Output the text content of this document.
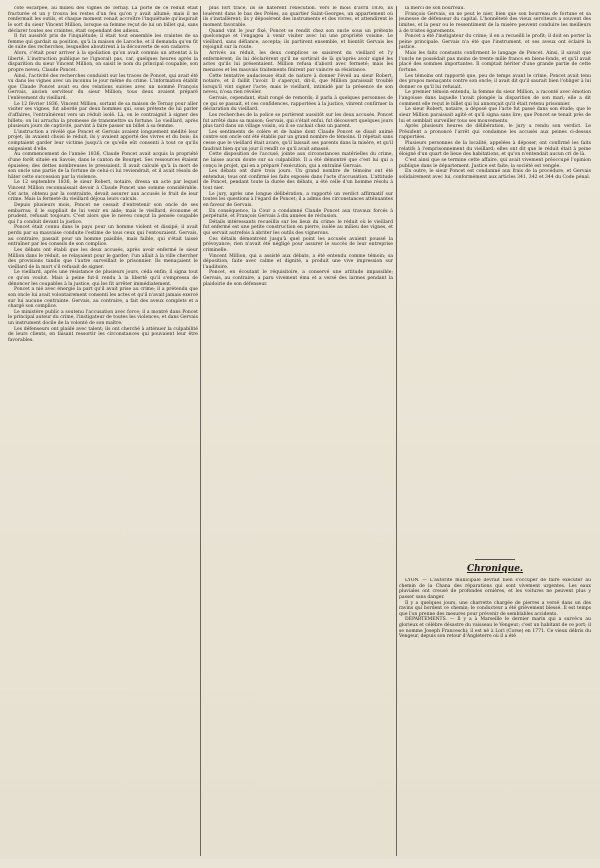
côte escarpée, au milieu des vignes de Ternay. La porte de ce réduit était fracturée et un y trouva les restes d'un feu qu'on y avait allumé; mais il ne renfermait les outils, et chaque moment venait accroître l'inquiétude qu'inspirait le sort du sieur Vincent Million, lorsque sa femme reçut de lui un billet qui, sans déclarer toutes ses craintes, était cependant des adieux.

Il fut aussitôt pris de l'inquiétude; il était tout ensemble les craintes de sa femme qui gardait sa position, qu'à la maison de Laroche, et il demanda qu'on fit de suite des recherches, lesquelles aboutirent à la découverte de son cadavre.

Alors, c'était pour arriver à la spoliation qu'on avait commis un attentat à la liberté. L'instruction publique ne l'ignorait pas, car, quelques heures après la disparition du sieur Vincent Million, on saisit le nom du principal coupable, son propre neveu, Claude Poncet.

Ainsi, l'activité des recherches conduisit sur les traces de Poncet, qui avait été vu dans les vignes avec un inconnu le jour même du crime. L'information établit que Claude Poncet avait eu des relations suivies avec un nommé François Gervais, ancien serviteur du sieur Million; tous deux avaient préparé l'enlèvement du vieillard.

Le 12 février 1836, Vincent Million, sortant de sa maison de Ternay pour aller visiter ses vignes, fut abordé par deux hommes qui, sous prétexte de lui parler d'affaires, l'entraînèrent vers un réduit isolé. Là, on le contraignit à signer des billets; on lui arracha la promesse de transmettre sa fortune. Le vieillard, après plusieurs jours de captivité, parvint à faire passer un billet à sa femme.

L'instruction a révélé que Poncet et Gervais avaient longuement médité leur projet; ils avaient choisi le réduit, ils y avaient apporté des vivres et du bois; ils comptaient garder leur victime jusqu'à ce qu'elle eût consenti à tout ce qu'ils exigeaient d'elle.

Au commencement de l'année 1836, Claude Poncet avait acquis la propriété d'une forêt située en Savoie, dans le canton de Bourget. Ses ressources étaient épuisées; des dettes nombreuses le pressaient. Il avait calculé qu'à la mort de son oncle une partie de la fortune de celui-ci lui reviendrait, et il avait résolu de hâter cette succession par la violence.

Le 12 septembre 1836, le sieur Robert, notaire, dressa un acte par lequel Vincent Million reconnaissait devoir à Claude Poncet une somme considérable. Cet acte, obtenu par la contrainte, devait assurer aux accusés le fruit de leur crime. Mais la fermeté du vieillard déjoua leurs calculs.

Depuis plusieurs mois, Poncet ne cessait d'entretenir son oncle de ses embarras; il le suppliait de lui venir en aide; mais le vieillard, économe et prudent, refusait toujours. C'est alors que le neveu conçut la pensée coupable qui l'a conduit devant la justice.

Poncet était connu dans le pays pour un homme violent et dissipé; il avait perdu par sa mauvaise conduite l'estime de tous ceux qui l'entouraient. Gervais, au contraire, passait pour un homme paisible, mais faible, qui s'était laissé entraîner par les conseils de son complice.

Les débats ont établi que les deux accusés, après avoir enfermé le sieur Million dans le réduit, se relayaient pour le garder; l'un allait à la ville chercher des provisions tandis que l'autre surveillait le prisonnier. Ils menaçaient le vieillard de la mort s'il refusait de signer.

Le vieillard, après une résistance de plusieurs jours, céda enfin; il signa tout ce qu'on voulut. Mais à peine fut-il rendu à la liberté qu'il s'empressa de dénoncer les coupables à la justice, qui les fit arrêter immédiatement.

Poncet a nié avec énergie la part qu'il avait prise au crime; il a prétendu que son oncle lui avait volontairement consenti les actes et qu'il n'avait jamais exercé sur lui aucune contrainte. Gervais, au contraire, a fait des aveux complets et a chargé son complice.

Le ministère public a soutenu l'accusation avec force; il a montré dans Poncet le principal auteur du crime, l'instigateur de toutes les violences, et dans Gervais un instrument docile de la volonté de son maître.

Les défenseurs ont plaidé avec talent; ils ont cherché à atténuer la culpabilité de leurs clients, en faisant ressortir les circonstances qui pouvaient leur être favorables.

plus fort tracé, ils se hâtèrent l'exécution. Vers le mois d'avril 1836, ils louèrent dans le bas des Prèles, au quartier Saint-Georges, un appartement où ils s'installèrent; ils y déposèrent des instruments et des vivres, et attendirent le moment favorable.

Quand vint le jour fixé, Poncet se rendit chez son oncle sous un prétexte quelconque et l'engagea à venir visiter avec lui une propriété voisine. Le vieillard, sans défiance, accepta; ils partirent ensemble, et bientôt Gervais les rejoignit sur la route.

Arrivés au réduit, les deux complices se saisirent du vieillard et l'y enfermèrent; ils lui déclarèrent qu'il ne sortirait de là qu'après avoir signé les actes qu'ils lui présentaient. Million refusa d'abord avec fermeté; mais les menaces et les mauvais traitements finirent par vaincre sa résistance.

Cette tentative audacieuse était de nature à donner l'éveil au sieur Robert, notaire, et il faillit l'avoir. Il s'aperçut, dit-il, que Million paraissait troublé lorsqu'il vint signer l'acte; mais le vieillard, intimidé par la présence de son neveu, n'osa rien révéler.

Gervais, cependant, était rongé de remords; il parla à quelques personnes de ce qui se passait, et ces confidences, rapportées à la justice, vinrent confirmer la déclaration du vieillard.

Les recherches de la police se portèrent aussitôt sur les deux accusés. Poncet fut arrêté dans sa maison; Gervais, qui s'était enfui, fut découvert quelques jours plus tard dans un village voisin, où il se cachait chez un parent.

Les sentiments de colère et de haine dont Claude Poncet se disait animé contre son oncle ont été établis par un grand nombre de témoins. Il répétait sans cesse que le vieillard était avare, qu'il laissait ses parents dans la misère, et qu'il faudrait bien qu'un jour il rendît ce qu'il avait amassé.

Cette disposition de l'accusé, jointe aux circonstances matérielles du crime, ne laisse aucun doute sur sa culpabilité. Il a été démontré que c'est lui qui a conçu le projet, qui en a préparé l'exécution, qui a entraîné Gervais.

Les débats ont duré trois jours. Un grand nombre de témoins ont été entendus; tous ont confirmé les faits exposés dans l'acte d'accusation. L'attitude de Poncet, pendant toute la durée des débats, a été celle d'un homme résolu à tout nier.

Le jury, après une longue délibération, a rapporté un verdict affirmatif sur toutes les questions à l'égard de Poncet; il a admis des circonstances atténuantes en faveur de Gervais.

En conséquence, la Cour a condamné Claude Poncet aux travaux forcés à perpétuité, et François Gervais à dix années de réclusion.

Détails intéressants recueillis sur les lieux du crime: le réduit où le vieillard fut enfermé est une petite construction en pierre, isolée au milieu des vignes, et qui servait autrefois à abriter les outils des vignerons.

Ces détails démontrent jusqu'à quel point les accusés avaient poussé la prévoyance; rien n'avait été négligé pour assurer le succès de leur entreprise criminelle.

Vincent Million, qui a assisté aux débats, a été entendu comme témoin; sa déposition, faite avec calme et dignité, a produit une vive impression sur l'auditoire.

Poncet, en écoutant le réquisitoire, a conservé une attitude impassible; Gervais, au contraire, a paru vivement ému et a versé des larmes pendant la plaidoirie de son défenseur.

la merci de son bourreau.

François Gervais, on ne peut le nier, bien que son bourreau de fortune et sa jeunesse de défenseur du capital. L'honnêteté des vieux serviteurs a souvent des limites, et la peur ou le ressentiment de la misère peuvent conduire les meilleurs à de tristes égarements.

Poncet a été l'instigateur du crime; il en a recueilli le profit; il doit en porter la peine principale. Gervais n'a été que l'instrument, et ses aveux ont éclairé la justice.

Mais les faits constants confirment le langage de Poncet. Ainsi, il savait que l'oncle ne possédait pas moins de trente mille francs en biens-fonds, et qu'il avait placé des sommes importantes. Il comptait hériter d'une grande partie de cette fortune.

Les témoins ont rapporté que, peu de temps avant le crime, Poncet avait tenu des propos menaçants contre son oncle; il avait dit qu'il saurait bien l'obliger à lui donner ce qu'il lui refusait.

Le premier témoin entendu, la femme du sieur Million, a raconté avec émotion l'angoisse dans laquelle l'avait plongée la disparition de son mari; elle a dit comment elle reçut le billet qui lui annonçait qu'il était retenu prisonnier.

Le sieur Robert, notaire, a déposé que l'acte fut passé dans son étude; que le sieur Million paraissait agité et qu'il signa sans lire; que Poncet se tenait près de lui et semblait surveiller tous ses mouvements.

Après plusieurs heures de délibération, le jury a rendu son verdict. Le Président a prononcé l'arrêt qui condamne les accusés aux peines ci-dessus rapportées.

Plusieurs personnes de la localité, appelées à déposer, ont confirmé les faits relatifs à l'emprisonnement du vieillard; elles ont dit que le réduit était à peine éloigné d'un quart de lieue des habitations, et qu'on n'entendait aucun cri de là.

C'est ainsi que se termine cette affaire, qui avait vivement préoccupé l'opinion publique dans le département. Justice est faite; la société est vengée.

En outre, le sieur Poncet est condamné aux frais de la procédure, et Gervais solidairement avec lui, conformément aux articles 341, 342 et 344 du Code pénal.

Chronique.

LYON. — L'autorité municipale devrait bien s'occuper de faire exécuter au chemin de la Chana des réparations qui sont vivement urgentes. Les eaux pluviales ont creusé de profondes ornières, et les voitures ne peuvent plus y passer sans danger.

Il y a quelques jours, une charrette chargée de pierres a versé dans un des ravins qui bordent ce chemin; le conducteur a été grièvement blessé. Il est temps que l'on prenne des mesures pour prévenir de semblables accidents.

DÉPARTEMENTS. — Il y a à Marseille le dernier marin qui a survécu au glorieux et célèbre désastre du vaisseau le Vengeur; c'est un habitant de ce port; il se nomme Joseph Franceschi; il est né à Lori (Corse) en 1771. Ce vieux débris du Vengeur, depuis son retour d'Angleterre où il a été
